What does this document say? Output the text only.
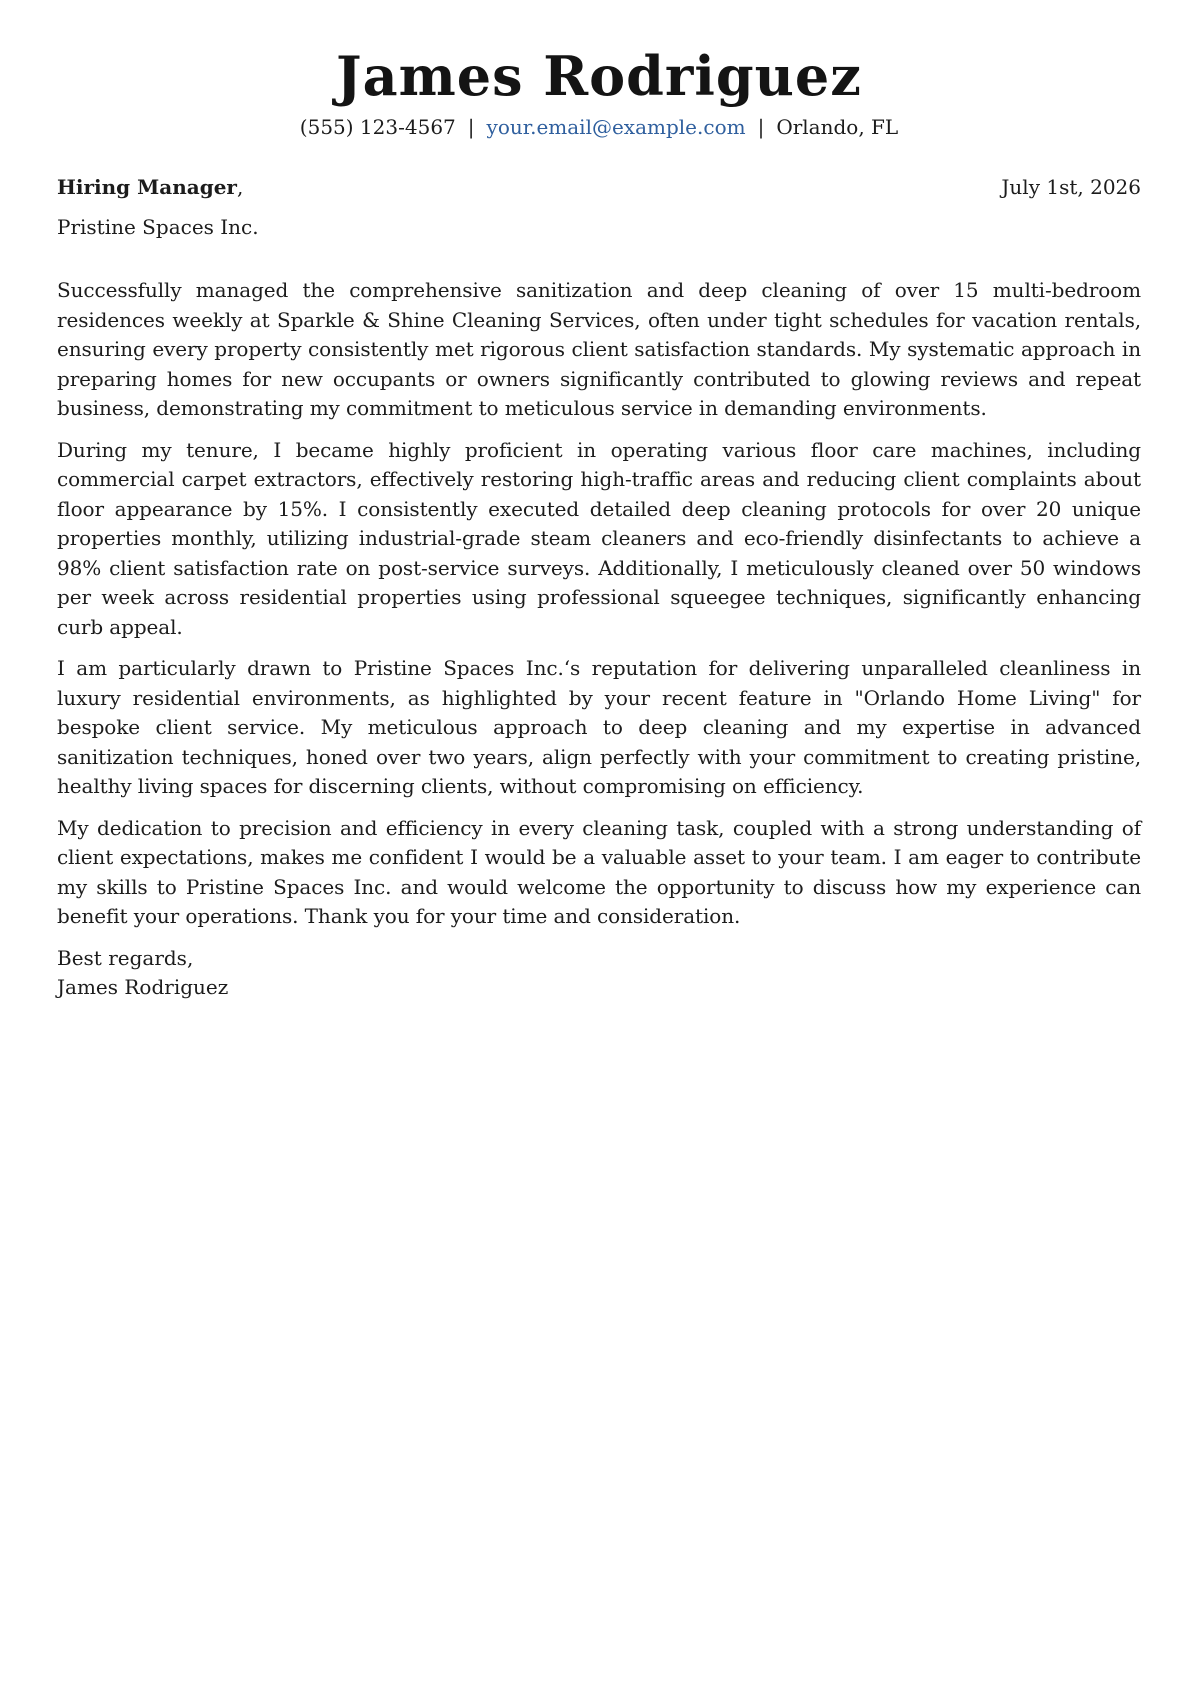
James Rodriguez
(555) 123-4567 | your.email@example.com | Orlando, FL
Hiring Manager,	July 1st, 2026
Pristine Spaces Inc.

Successfully managed the comprehensive sanitization and deep cleaning of over 15 multi-bedroom residences weekly at Sparkle & Shine Cleaning Services, often under tight schedules for vacation rentals, ensuring every property consistently met rigorous client satisfaction standards. My systematic approach in preparing homes for new occupants or owners significantly contributed to glowing reviews and repeat business, demonstrating my commitment to meticulous service in demanding environments.

During my tenure, I became highly proficient in operating various floor care machines, including commercial carpet extractors, effectively restoring high-traffic areas and reducing client complaints about floor appearance by 15%. I consistently executed detailed deep cleaning protocols for over 20 unique properties monthly, utilizing industrial-grade steam cleaners and eco-friendly disinfectants to achieve a 98% client satisfaction rate on post-service surveys. Additionally, I meticulously cleaned over 50 windows per week across residential properties using professional squeegee techniques, significantly enhancing curb appeal.

I am particularly drawn to Pristine Spaces Inc.‘s reputation for delivering unparalleled cleanliness in luxury residential environments, as highlighted by your recent feature in "Orlando Home Living" for bespoke client service. My meticulous approach to deep cleaning and my expertise in advanced sanitization techniques, honed over two years, align perfectly with your commitment to creating pristine, healthy living spaces for discerning clients, without compromising on efficiency.

My dedication to precision and efficiency in every cleaning task, coupled with a strong understanding of client expectations, makes me confident I would be a valuable asset to your team. I am eager to contribute my skills to Pristine Spaces Inc. and would welcome the opportunity to discuss how my experience can benefit your operations. Thank you for your time and consideration.

Best regards,
James Rodriguez
